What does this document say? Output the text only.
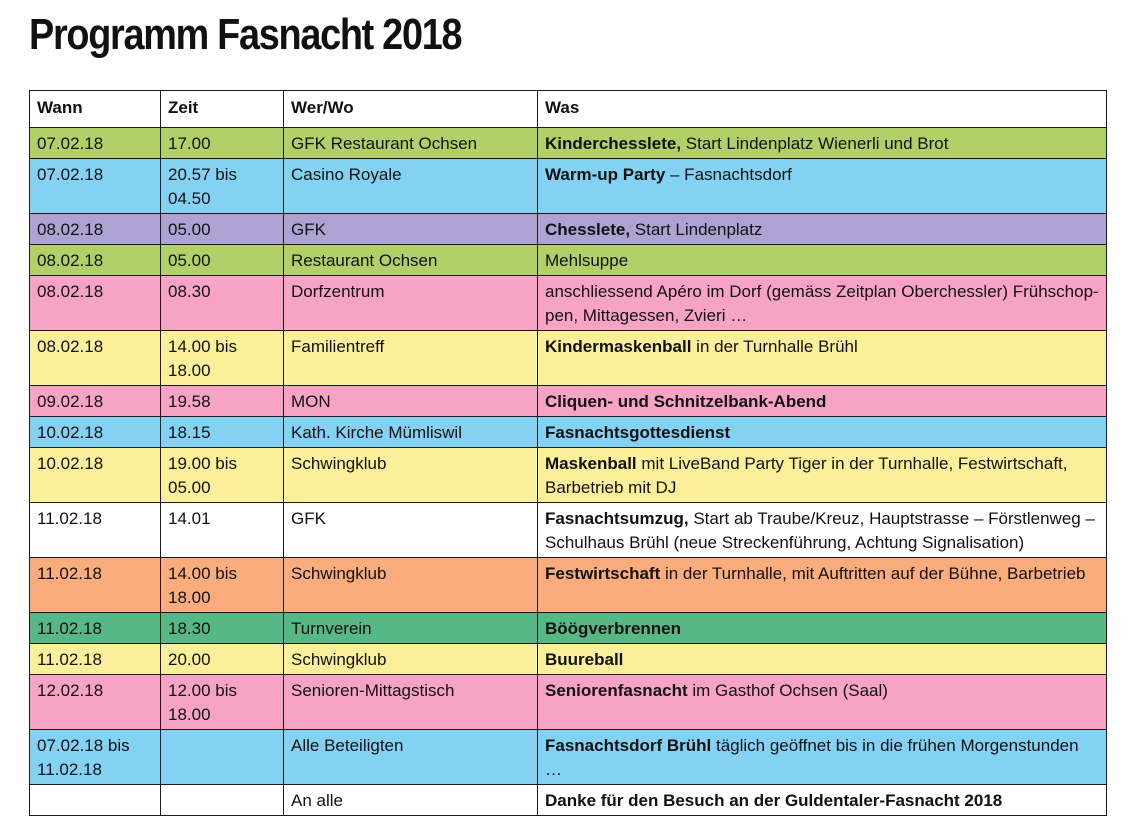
Programm Fasnacht 2018
Wann	Zeit	Wer/Wo	Was
07.02.18	17.00	GFK Restaurant Ochsen	Kinderchesslete, Start Lindenplatz Wienerli und Brot
07.02.18	20.57 bis 04.50	Casino Royale	Warm-up Party – Fasnachtsdorf
08.02.18	05.00	GFK	Chesslete, Start Lindenplatz
08.02.18	05.00	Restaurant Ochsen	Mehlsuppe
08.02.18	08.30	Dorfzentrum	anschliessend Apéro im Dorf (gemäss Zeitplan Oberchessler) Frühschop-pen, Mittagessen, Zvieri …
08.02.18	14.00 bis 18.00	Familientreff	Kindermaskenball in der Turnhalle Brühl
09.02.18	19.58	MON	Cliquen- und Schnitzelbank-Abend
10.02.18	18.15	Kath. Kirche Mümliswil	Fasnachtsgottesdienst
10.02.18	19.00 bis 05.00	Schwingklub	Maskenball mit LiveBand Party Tiger in der Turnhalle, Festwirtschaft, Barbetrieb mit DJ
11.02.18	14.01	GFK	Fasnachtsumzug, Start ab Traube/Kreuz, Hauptstrasse – Förstlenweg – Schulhaus Brühl (neue Streckenführung, Achtung Signalisation)
11.02.18	14.00 bis 18.00	Schwingklub	Festwirtschaft in der Turnhalle, mit Auftritten auf der Bühne, Barbetrieb
11.02.18	18.30	Turnverein	Böögverbrennen
11.02.18	20.00	Schwingklub	Buureball
12.02.18	12.00 bis 18.00	Senioren-Mittagstisch	Seniorenfasnacht im Gasthof Ochsen (Saal)
07.02.18 bis 11.02.18		Alle Beteiligten	Fasnachtsdorf Brühl täglich geöffnet bis in die frühen Morgenstunden …
		An alle	Danke für den Besuch an der Guldentaler-Fasnacht 2018
